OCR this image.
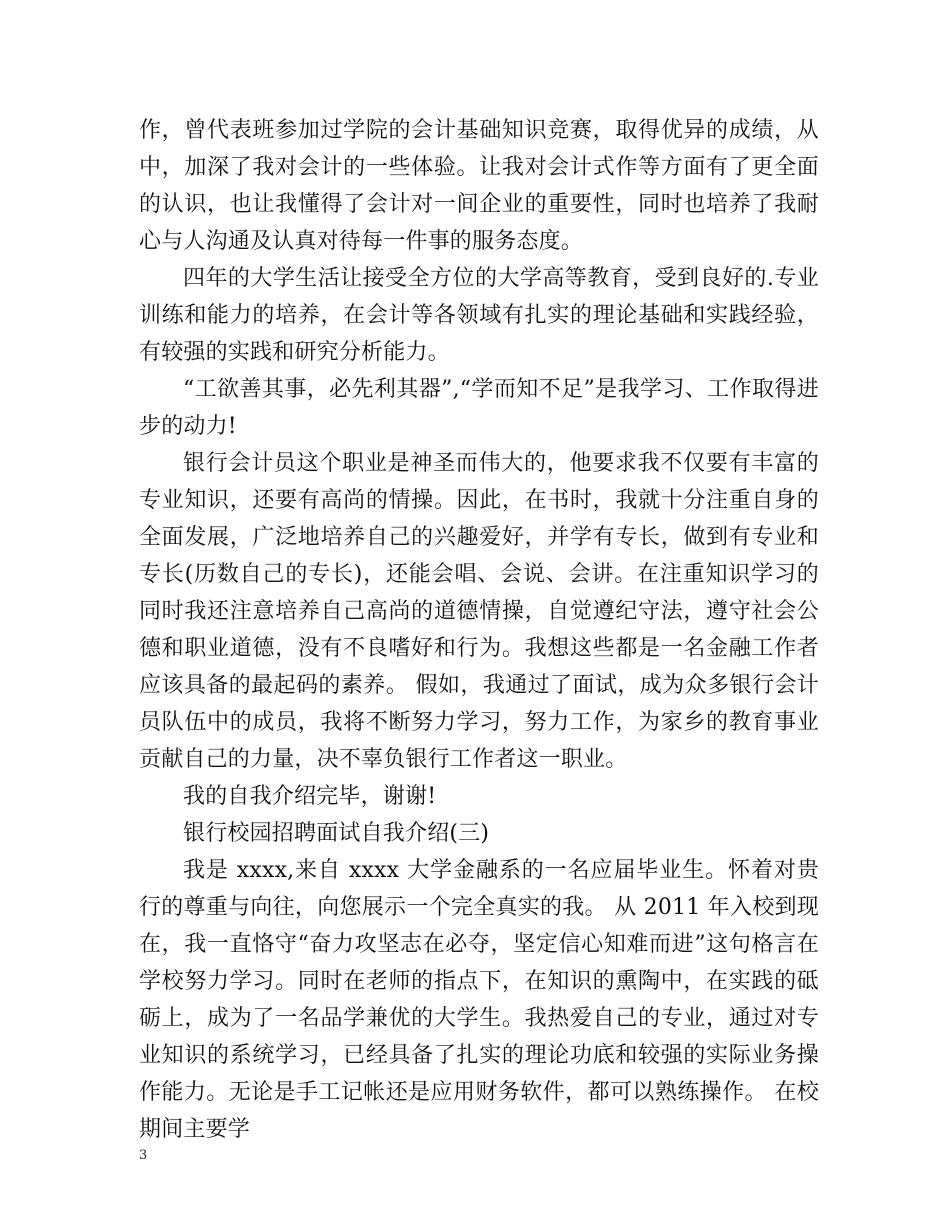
作，曾代表班参加过学院的会计基础知识竞赛，取得优异的成绩，从中，加深了我对会计的一些体验。让我对会计式作等方面有了更全面的认识，也让我懂得了会计对一间企业的重要性，同时也培养了我耐心与人沟通及认真对待每一件事的服务态度。

四年的大学生活让接受全方位的大学高等教育，受到良好的.专业训练和能力的培养，在会计等各领域有扎实的理论基础和实践经验，有较强的实践和研究分析能力。

“工欲善其事，必先利其器”,“学而知不足”是我学习、工作取得进步的动力!

银行会计员这个职业是神圣而伟大的，他要求我不仅要有丰富的专业知识，还要有高尚的情操。因此，在书时，我就十分注重自身的全面发展，广泛地培养自己的兴趣爱好，并学有专长，做到有专业和专长(历数自己的专长)，还能会唱、会说、会讲。在注重知识学习的同时我还注意培养自己高尚的道德情操，自觉遵纪守法，遵守社会公德和职业道德，没有不良嗜好和行为。我想这些都是一名金融工作者应该具备的最起码的素养。 假如，我通过了面试，成为众多银行会计员队伍中的成员，我将不断努力学习，努力工作，为家乡的教育事业贡献自己的力量，决不辜负银行工作者这一职业。

我的自我介绍完毕，谢谢!

银行校园招聘面试自我介绍(三)

我是 xxxx,来自 xxxx 大学金融系的一名应届毕业生。怀着对贵行的尊重与向往，向您展示一个完全真实的我。 从 2011 年入校到现在，我一直恪守“奋力攻坚志在必夺，坚定信心知难而进”这句格言在学校努力学习。同时在老师的指点下，在知识的熏陶中，在实践的砥砺上，成为了一名品学兼优的大学生。我热爱自己的专业，通过对专业知识的系统学习，已经具备了扎实的理论功底和较强的实际业务操作能力。无论是手工记帐还是应用财务软件，都可以熟练操作。 在校期间主要学

3
